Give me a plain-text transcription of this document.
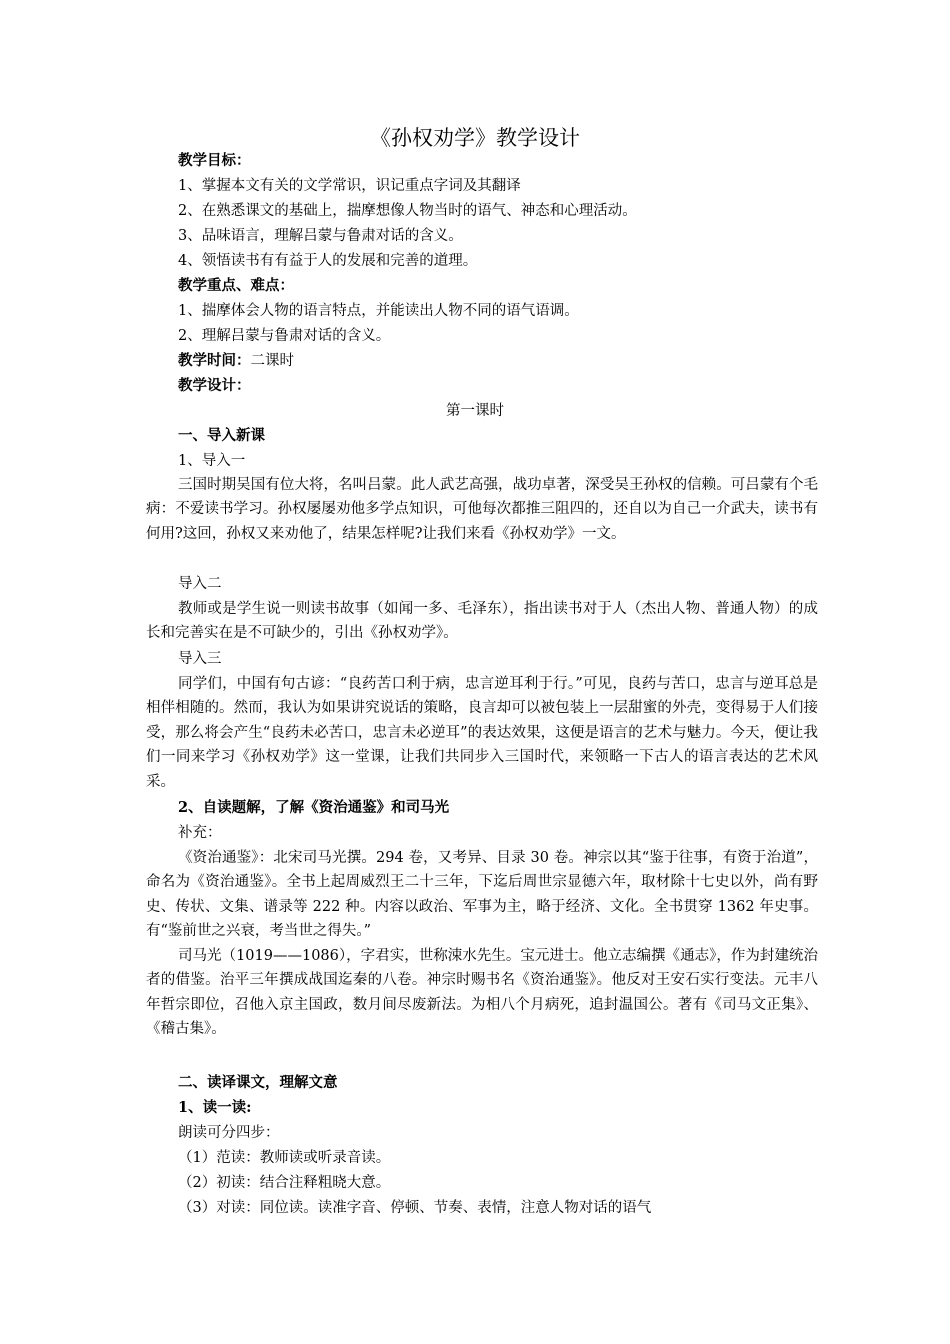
《孙权劝学》教学设计
教学目标：
1、掌握本文有关的文学常识，识记重点字词及其翻译
2、在熟悉课文的基础上，揣摩想像人物当时的语气、神态和心理活动。
3、品味语言，理解吕蒙与鲁肃对话的含义。
4、领悟读书有有益于人的发展和完善的道理。
教学重点、难点：
1、揣摩体会人物的语言特点，并能读出人物不同的语气语调。
2、理解吕蒙与鲁肃对话的含义。
教学时间：二课时
教学设计：
第一课时
一、导入新课
1、导入一
三国时期吴国有位大将，名叫吕蒙。此人武艺高强，战功卓著，深受吴王孙权的信赖。可吕蒙有个毛病：不爱读书学习。孙权屡屡劝他多学点知识，可他每次都推三阻四的，还自以为自己一介武夫，读书有何用?这回，孙权又来劝他了，结果怎样呢?让我们来看《孙权劝学》一文。
导入二
教师或是学生说一则读书故事（如闻一多、毛泽东），指出读书对于人（杰出人物、普通人物）的成长和完善实在是不可缺少的，引出《孙权劝学》。
导入三
同学们，中国有句古谚：“良药苦口利于病，忠言逆耳利于行。”可见，良药与苦口，忠言与逆耳总是相伴相随的。然而，我认为如果讲究说话的策略，良言却可以被包装上一层甜蜜的外壳，变得易于人们接受，那么将会产生“良药未必苦口，忠言未必逆耳”的表达效果，这便是语言的艺术与魅力。今天，便让我们一同来学习《孙权劝学》这一堂课，让我们共同步入三国时代，来领略一下古人的语言表达的艺术风采。
2、自读题解，了解《资治通鉴》和司马光
补充：
《资治通鉴》：北宋司马光撰。294 卷，又考异、目录 30 卷。神宗以其“鉴于往事，有资于治道”，命名为《资治通鉴》。全书上起周威烈王二十三年，下迄后周世宗显德六年，取材除十七史以外，尚有野史、传状、文集、谱录等 222 种。内容以政治、军事为主，略于经济、文化。全书贯穿 1362 年史事。有“鉴前世之兴衰，考当世之得失。”
司马光（1019——1086），字君实，世称涑水先生。宝元进士。他立志编撰《通志》，作为封建统治者的借鉴。治平三年撰成战国迄秦的八卷。神宗时赐书名《资治通鉴》。他反对王安石实行变法。元丰八年哲宗即位，召他入京主国政，数月间尽废新法。为相八个月病死，追封温国公。著有《司马文正集》、《稽古集》。
二、读译课文，理解文意
1、读一读:
朗读可分四步：
（1）范读：教师读或听录音读。
（2）初读：结合注释粗晓大意。
（3）对读：同位读。读准字音、停顿、节奏、表情，注意人物对话的语气
